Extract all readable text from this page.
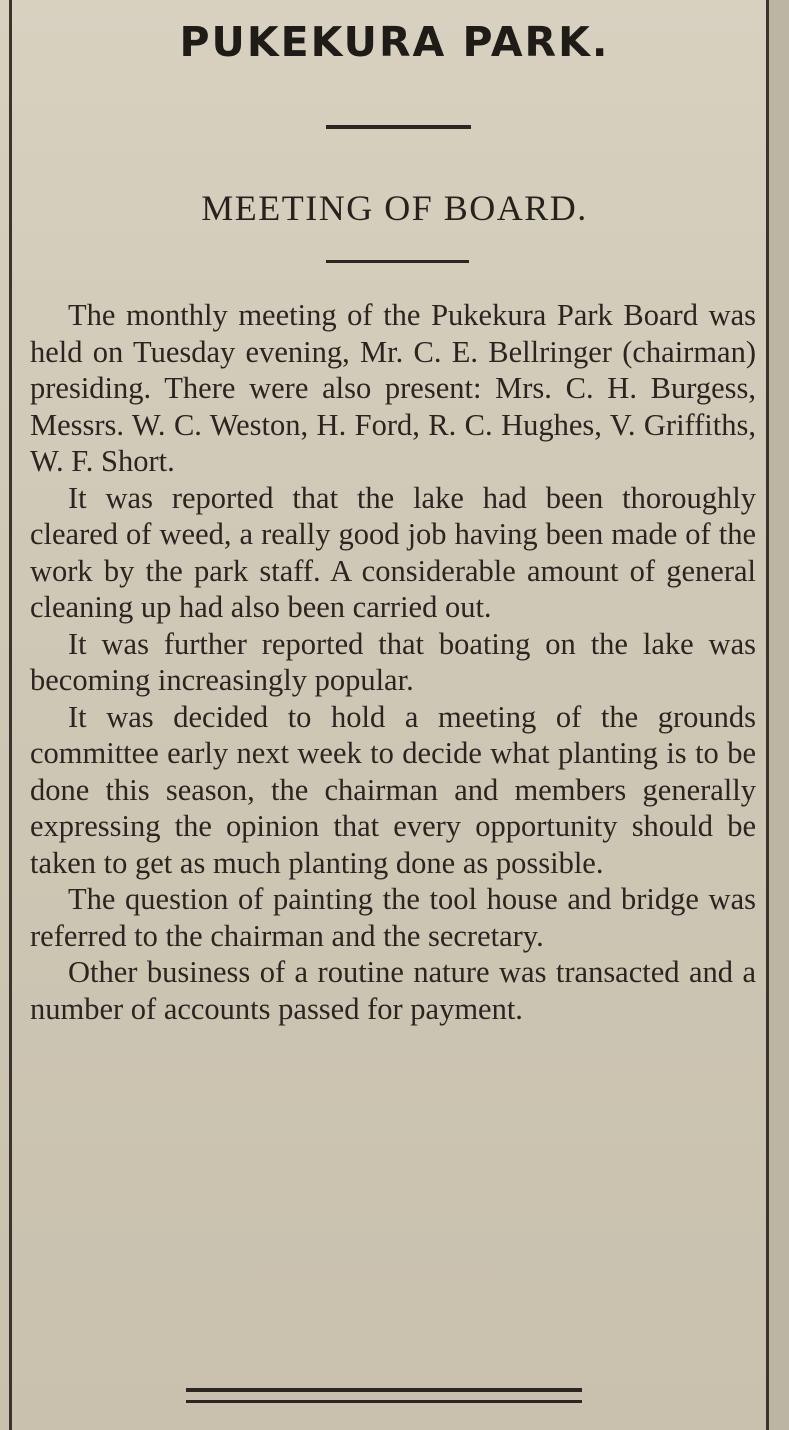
PUKEKURA PARK.
MEETING OF BOARD.

The monthly meeting of the Pukekura Park Board was held on Tuesday evening, Mr. C. E. Bellringer (chairman) presiding. There were also present: Mrs. C. H. Burgess, Messrs. W. C. Weston, H. Ford, R. C. Hughes, V. Griffiths, W. F. Short.

It was reported that the lake had been thoroughly cleared of weed, a really good job having been made of the work by the park staff. A considerable amount of general cleaning up had also been carried out.

It was further reported that boating on the lake was becoming increasingly popular.

It was decided to hold a meeting of the grounds committee early next week to decide what planting is to be done this season, the chairman and members generally expressing the opinion that every opportunity should be taken to get as much planting done as possible.

The question of painting the tool house and bridge was referred to the chairman and the secretary.

Other business of a routine nature was transacted and a number of accounts passed for payment.
